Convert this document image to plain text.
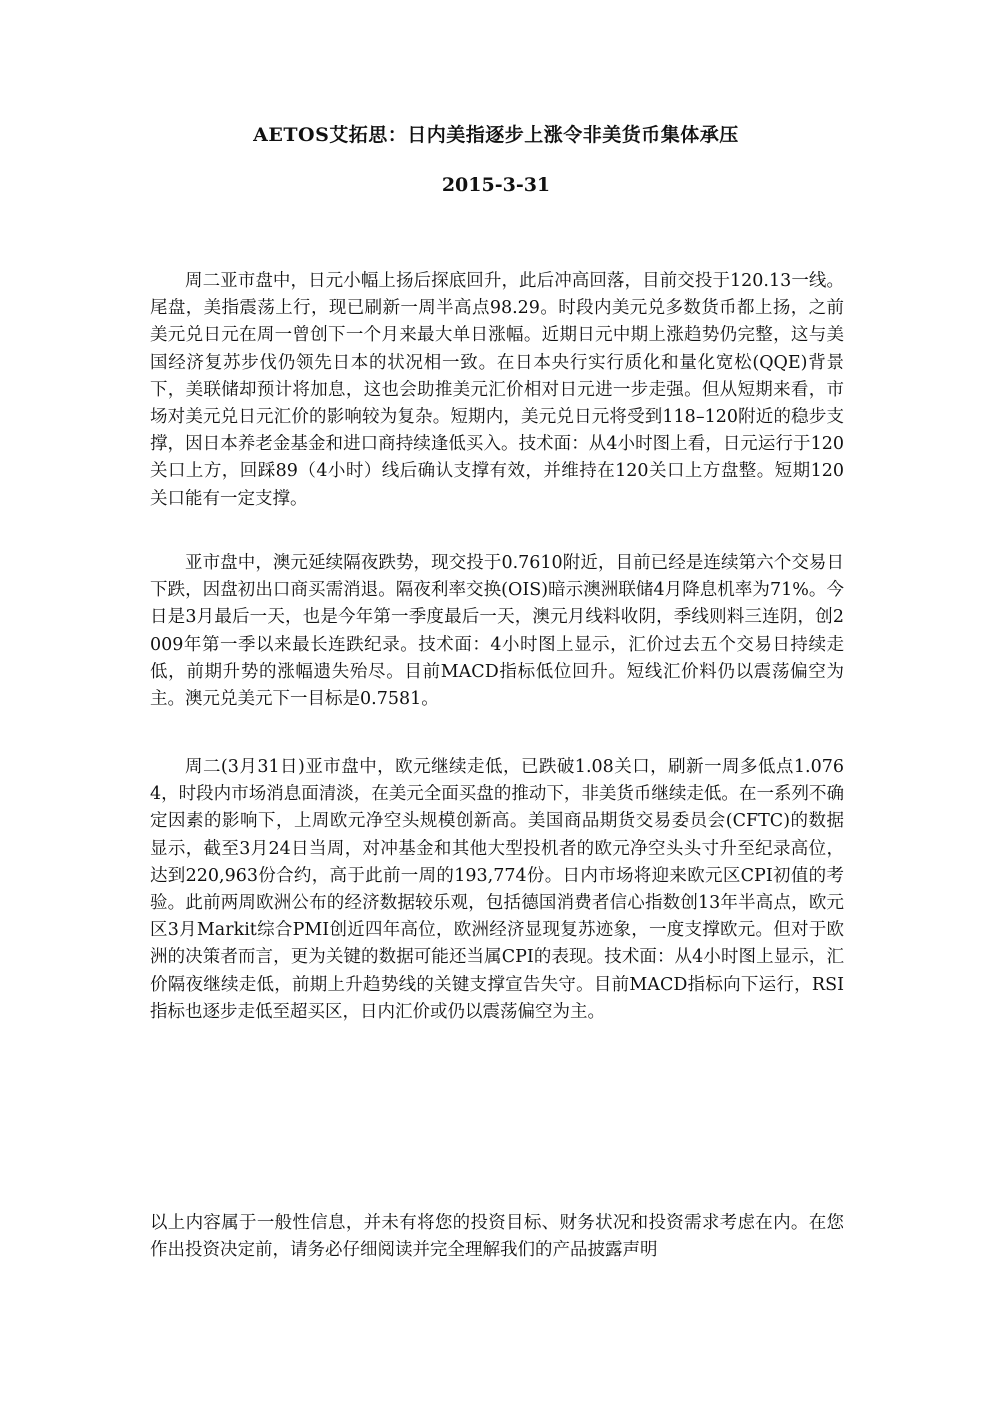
AETOS艾拓思：日内美指逐步上涨令非美货币集体承压
2015-3-31

周二亚市盘中，日元小幅上扬后探底回升，此后冲高回落，目前交投于120.13一线。尾盘，美指震荡上行，现已刷新一周半高点98.29。时段内美元兑多数货币都上扬，之前美元兑日元在周一曾创下一个月来最大单日涨幅。近期日元中期上涨趋势仍完整，这与美国经济复苏步伐仍领先日本的状况相一致。在日本央行实行质化和量化宽松(QQE)背景下，美联储却预计将加息，这也会助推美元汇价相对日元进一步走强。但从短期来看，市场对美元兑日元汇价的影响较为复杂。短期内，美元兑日元将受到118–120附近的稳步支撑，因日本养老金基金和进口商持续逢低买入。技术面：从4小时图上看，日元运行于120关口上方，回踩89（4小时）线后确认支撑有效，并维持在120关口上方盘整。短期120关口能有一定支撑。

亚市盘中，澳元延续隔夜跌势，现交投于0.7610附近，目前已经是连续第六个交易日下跌，因盘初出口商买需消退。隔夜利率交换(OIS)暗示澳洲联储4月降息机率为71%。今日是3月最后一天，也是今年第一季度最后一天，澳元月线料收阴，季线则料三连阴，创2009年第一季以来最长连跌纪录。技术面：4小时图上显示，汇价过去五个交易日持续走低，前期升势的涨幅遗失殆尽。目前MACD指标低位回升。短线汇价料仍以震荡偏空为主。澳元兑美元下一目标是0.7581。

周二(3月31日)亚市盘中，欧元继续走低，已跌破1.08关口，刷新一周多低点1.0764，时段内市场消息面清淡，在美元全面买盘的推动下，非美货币继续走低。在一系列不确定因素的影响下，上周欧元净空头规模创新高。美国商品期货交易委员会(CFTC)的数据显示，截至3月24日当周，对冲基金和其他大型投机者的欧元净空头头寸升至纪录高位，达到220,963份合约，高于此前一周的193,774份。日内市场将迎来欧元区CPI初值的考验。此前两周欧洲公布的经济数据较乐观，包括德国消费者信心指数创13年半高点，欧元区3月Markit综合PMI创近四年高位，欧洲经济显现复苏迹象，一度支撑欧元。但对于欧洲的决策者而言，更为关键的数据可能还当属CPI的表现。技术面：从4小时图上显示，汇价隔夜继续走低，前期上升趋势线的关键支撑宣告失守。目前MACD指标向下运行，RSI指标也逐步走低至超买区，日内汇价或仍以震荡偏空为主。

以上内容属于一般性信息，并未有将您的投资目标、财务状况和投资需求考虑在内。在您作出投资决定前，请务必仔细阅读并完全理解我们的产品披露声明
